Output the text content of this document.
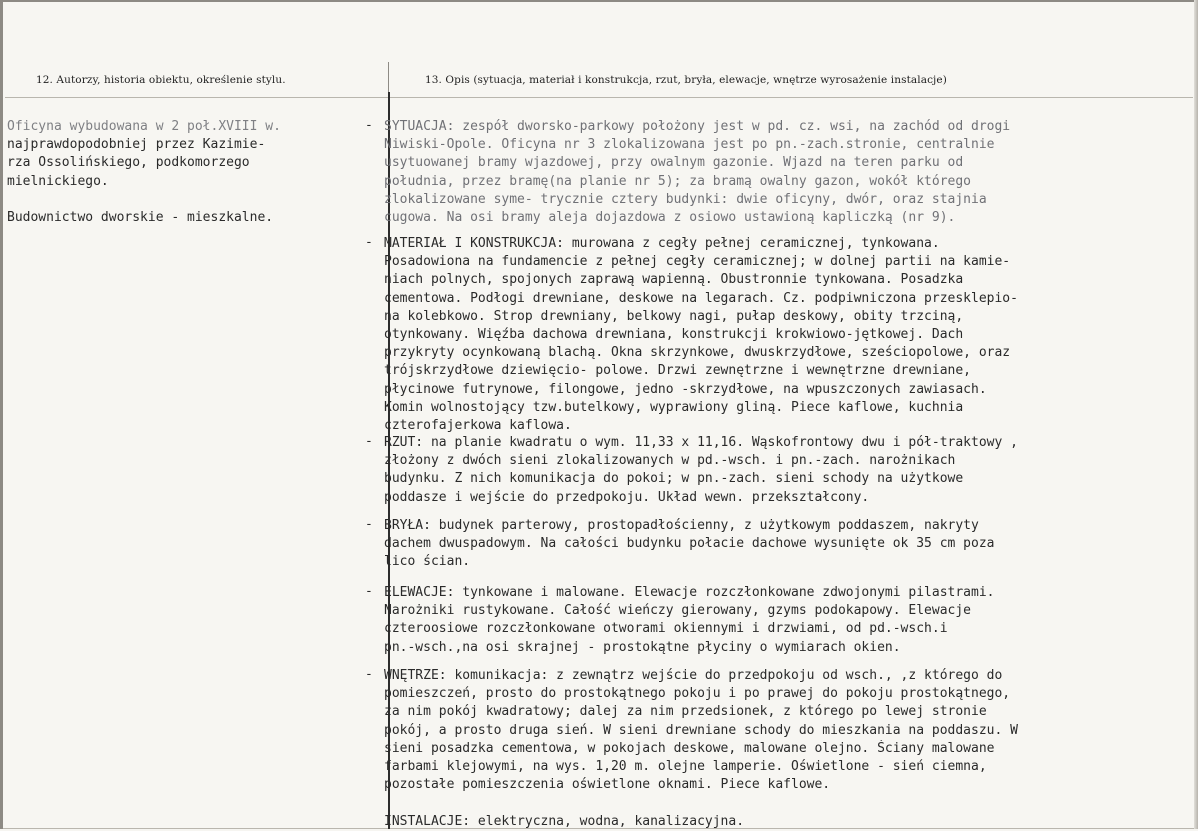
12. Autorzy, historia obiektu, określenie stylu.	13. Opis (sytuacja, materiał i konstrukcja, rzut, bryła, elewacje, wnętrze wyrosażenie instalacje)
Oficyna wybudowana w 2 poł.XVIII w.
najprawdopodobniej przez Kazimie-
rza Ossolińskiego, podkomorzego
mielnickiego.
Budownictwo dworskie - mieszkalne.
- SYTUACJA: zespół dworsko-parkowy położony jest w pd. cz. wsi, na zachód od drogi
Niwiski-Opole. Oficyna nr 3 zlokalizowana jest po pn.-zach.stronie, centralnie
usytuowanej bramy wjazdowej, przy owalnym gazonie. Wjazd na teren parku od
południa, przez bramę(na planie nr 5); za bramą owalny gazon, wokół którego
zlokalizowane syme- trycznie cztery budynki: dwie oficyny, dwór, oraz stajnia
cugowa. Na osi bramy aleja dojazdowa z osiowo ustawioną kapliczką (nr 9).
- MATERIAŁ I KONSTRUKCJA: murowana z cegły pełnej ceramicznej, tynkowana.
Posadowiona na fundamencie z pełnej cegły ceramicznej; w dolnej partii na kamie-
niach polnych, spojonych zaprawą wapienną. Obustronnie tynkowana. Posadzka
cementowa. Podłogi drewniane, deskowe na legarach. Cz. podpiwniczona przesklepio-
na kolebkowo. Strop drewniany, belkowy nagi, pułap deskowy, obity trzciną,
otynkowany. Więźba dachowa drewniana, konstrukcji krokwiowo-jętkowej. Dach
przykryty ocynkowaną blachą. Okna skrzynkowe, dwuskrzydłowe, sześciopolowe, oraz
trójskrzydłowe dziewięcio- polowe. Drzwi zewnętrzne i wewnętrzne drewniane,
płycinowe futrynowe, filongowe, jedno -skrzydłowe, na wpuszczonych zawiasach.
Komin wolnostojący tzw.butelkowy, wyprawiony gliną. Piece kaflowe, kuchnia
czterofajerkowa kaflowa.
- RZUT: na planie kwadratu o wym. 11,33 x 11,16. Wąskofrontowy dwu i pół-traktowy ,
złożony z dwóch sieni zlokalizowanych w pd.-wsch. i pn.-zach. narożnikach
budynku. Z nich komunikacja do pokoi; w pn.-zach. sieni schody na użytkowe
poddasze i wejście do przedpokoju. Układ wewn. przekształcony.
- BRYŁA: budynek parterowy, prostopadłościenny, z użytkowym poddaszem, nakryty
dachem dwuspadowym. Na całości budynku połacie dachowe wysunięte ok 35 cm poza
lico ścian.
- ELEWACJE: tynkowane i malowane. Elewacje rozczłonkowane zdwojonymi pilastrami.
Narożniki rustykowane. Całość wieńczy gierowany, gzyms podokapowy. Elewacje
czteroosiowe rozczłonkowane otworami okiennymi i drzwiami, od pd.-wsch.i
pn.-wsch.,na osi skrajnej - prostokątne płyciny o wymiarach okien.
- WNĘTRZE: komunikacja: z zewnątrz wejście do przedpokoju od wsch., ,z którego do
pomieszczeń, prosto do prostokątnego pokoju i po prawej do pokoju prostokątnego,
za nim pokój kwadratowy; dalej za nim przedsionek, z którego po lewej stronie
pokój, a prosto druga sień. W sieni drewniane schody do mieszkania na poddaszu. W
sieni posadzka cementowa, w pokojach deskowe, malowane olejno. Ściany malowane
farbami klejowymi, na wys. 1,20 m. olejne lamperie. Oświetlone - sień ciemna,
pozostałe pomieszczenia oświetlone oknami. Piece kaflowe.

INSTALACJE: elektryczna, wodna, kanalizacyjna.
